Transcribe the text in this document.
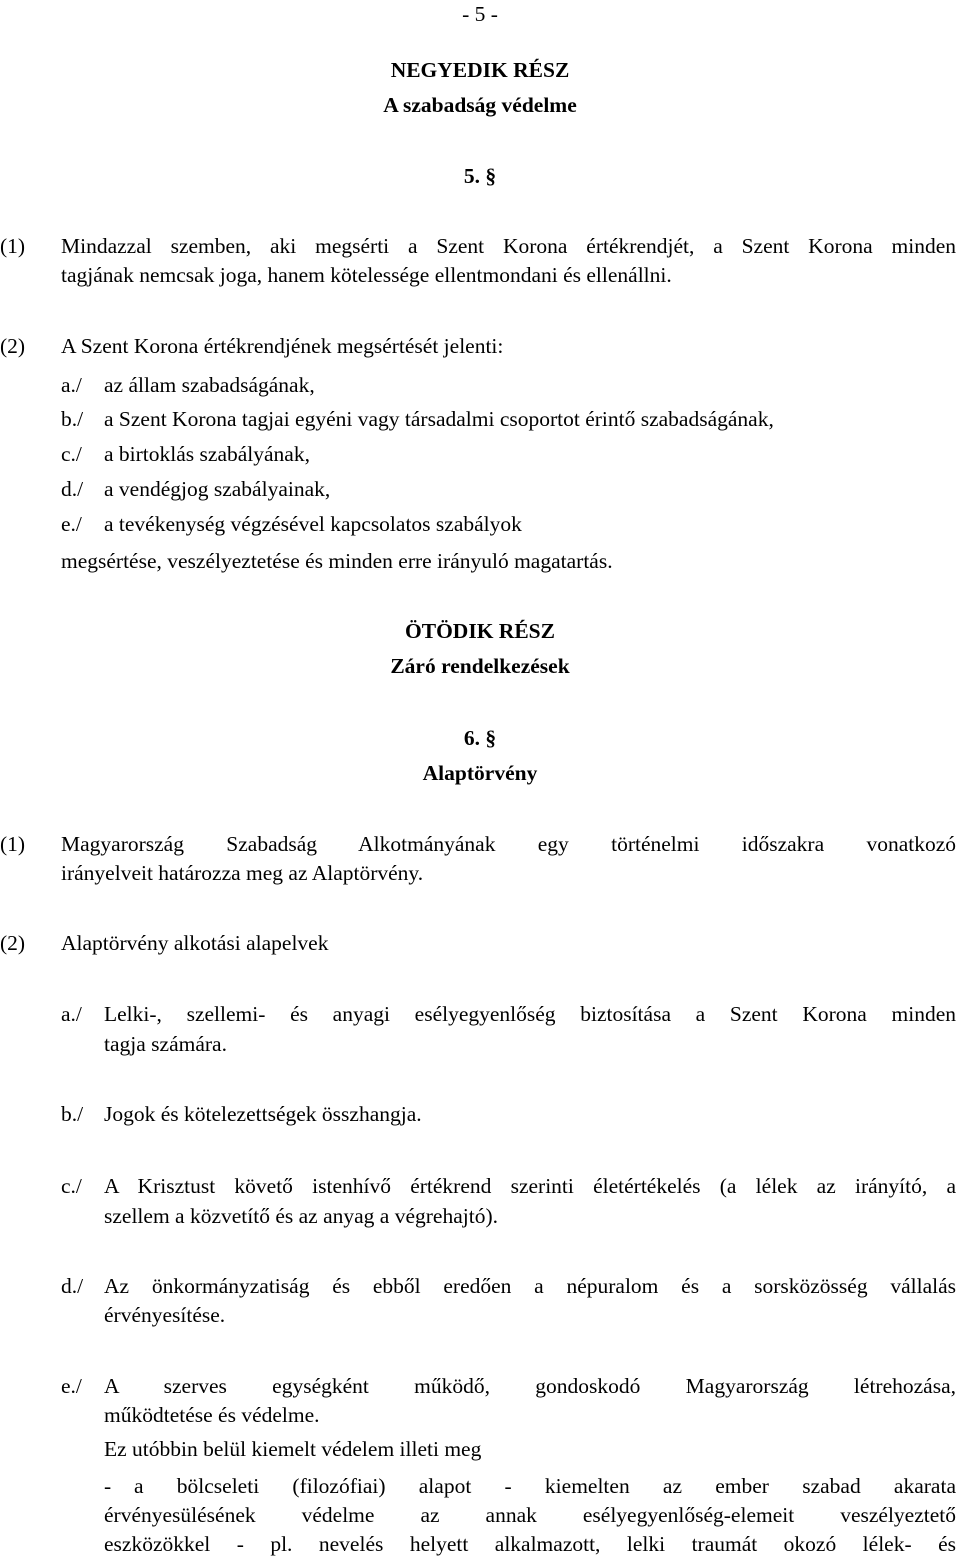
- 5 -
NEGYEDIK RÉSZ
A szabadság védelme
5. §
(1) Mindazzal szemben, aki megsérti a Szent Korona értékrendjét, a Szent Korona minden
tagjának nemcsak joga, hanem kötelessége ellentmondani és ellenállni.
(2) A Szent Korona értékrendjének megsértését jelenti:
a./ az állam szabadságának,
b./ a Szent Korona tagjai egyéni vagy társadalmi csoportot érintő szabadságának,
c./ a birtoklás szabályának,
d./ a vendégjog szabályainak,
e./ a tevékenység végzésével kapcsolatos szabályok
megsértése, veszélyeztetése és minden erre irányuló magatartás.
ÖTÖDIK RÉSZ
Záró rendelkezések
6. §
Alaptörvény
(1) Magyarország Szabadság Alkotmányának egy történelmi időszakra vonatkozó
irányelveit határozza meg az Alaptörvény.
(2) Alaptörvény alkotási alapelvek
a./ Lelki-, szellemi- és anyagi esélyegyenlőség biztosítása a Szent Korona minden
tagja számára.
b./ Jogok és kötelezettségek összhangja.
c./ A Krisztust követő istenhívő értékrend szerinti életértékelés (a lélek az irányító, a
szellem a közvetítő és az anyag a végrehajtó).
d./ Az önkormányzatiság és ebből eredően a népuralom és a sorsközösség vállalás
érvényesítése.
e./ A szerves egységként működő, gondoskodó Magyarország létrehozása,
működtetése és védelme.
Ez utóbbin belül kiemelt védelem illeti meg
- a bölcseleti (filozófiai) alapot - kiemelten az ember szabad akarata
érvényesülésének védelme az annak esélyegyenlőség-elemeit veszélyeztető
eszközökkel - pl. nevelés helyett alkalmazott, lelki traumát okozó lélek- és
